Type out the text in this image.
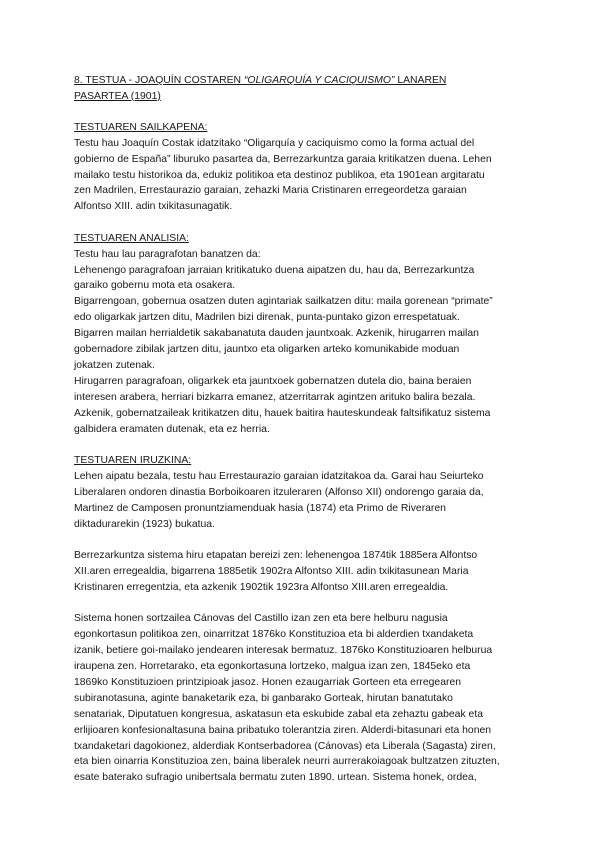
8. TESTUA - JOAQUÍN COSTAREN “OLIGARQUÍA Y CACIQUISMO” LANAREN
PASARTEA (1901)
TESTUAREN SAILKAPENA:
Testu hau Joaquín Costak idatzitako “Oligarquía y caciquismo como la forma actual del
gobierno de España” liburuko pasartea da, Berrezarkuntza garaia kritikatzen duena. Lehen
mailako testu historikoa da, edukiz politikoa eta destinoz publikoa, eta 1901ean argitaratu
zen Madrilen, Errestaurazio garaian, zehazki Maria Cristinaren erregeordetza garaian
Alfontso XIII. adin txikitasunagatik.
TESTUAREN ANALISIA:
Testu hau lau paragrafotan banatzen da:
Lehenengo paragrafoan jarraian kritikatuko duena aipatzen du, hau da, Berrezarkuntza
garaiko gobernu mota eta osakera.
Bigarrengoan, gobernua osatzen duten agintariak sailkatzen ditu: maila gorenean “primate”
edo oligarkak jartzen ditu, Madrilen bizi direnak, punta-puntako gizon errespetatuak.
Bigarren mailan herrialdetik sakabanatuta dauden jauntxoak. Azkenik, hirugarren mailan
gobernadore zibilak jartzen ditu, jauntxo eta oligarken arteko komunikabide moduan
jokatzen zutenak.
Hirugarren paragrafoan, oligarkek eta jauntxoek gobernatzen dutela dio, baina beraien
interesen arabera, herriari bizkarra emanez, atzerritarrak agintzen arituko balira bezala.
Azkenik, gobernatzaileak kritikatzen ditu, hauek baitira hauteskundeak faltsifikatuz sistema
galbidera eramaten dutenak, eta ez herria.
TESTUAREN IRUZKINA:
Lehen aipatu bezala, testu hau Errestaurazio garaian idatzitakoa da. Garai hau Seiurteko
Liberalaren ondoren dinastia Borboikoaren itzuleraren (Alfonso XII) ondorengo garaia da,
Martinez de Camposen pronuntziamenduak hasia (1874) eta Primo de Riveraren
diktadurarekin (1923) bukatua.
Berrezarkuntza sistema hiru etapatan bereizi zen: lehenengoa 1874tik 1885era Alfontso
XII.aren erregealdia, bigarrena 1885etik 1902ra Alfontso XIII. adin txikitasunean Maria
Kristinaren erregentzia, eta azkenik 1902tik 1923ra Alfontso XIII.aren erregealdia.
Sistema honen sortzailea Cánovas del Castillo izan zen eta bere helburu nagusia
egonkortasun politikoa zen, oinarritzat 1876ko Konstituzioa eta bi alderdien txandaketa
izanik, betiere goi-mailako jendearen interesak bermatuz. 1876ko Konstituzioaren helburua
iraupena zen. Horretarako, eta egonkortasuna lortzeko, malgua izan zen, 1845eko eta
1869ko Konstituzioen printzipioak jasoz. Honen ezaugarriak Gorteen eta erregearen
subiranotasuna, aginte banaketarik eza, bi ganbarako Gorteak, hirutan banatutako
senatariak, Diputatuen kongresua, askatasun eta eskubide zabal eta zehaztu gabeak eta
erlijioaren konfesionaltasuna baina pribatuko tolerantzia ziren. Alderdi-bitasunari eta honen
txandaketari dagokionez, alderdiak Kontserbadorea (Cánovas) eta Liberala (Sagasta) ziren,
eta bien oinarria Konstituzioa zen, baina liberalek neurri aurrerakoiagoak bultzatzen zituzten,
esate baterako sufragio unibertsala bermatu zuten 1890. urtean. Sistema honek, ordea,
